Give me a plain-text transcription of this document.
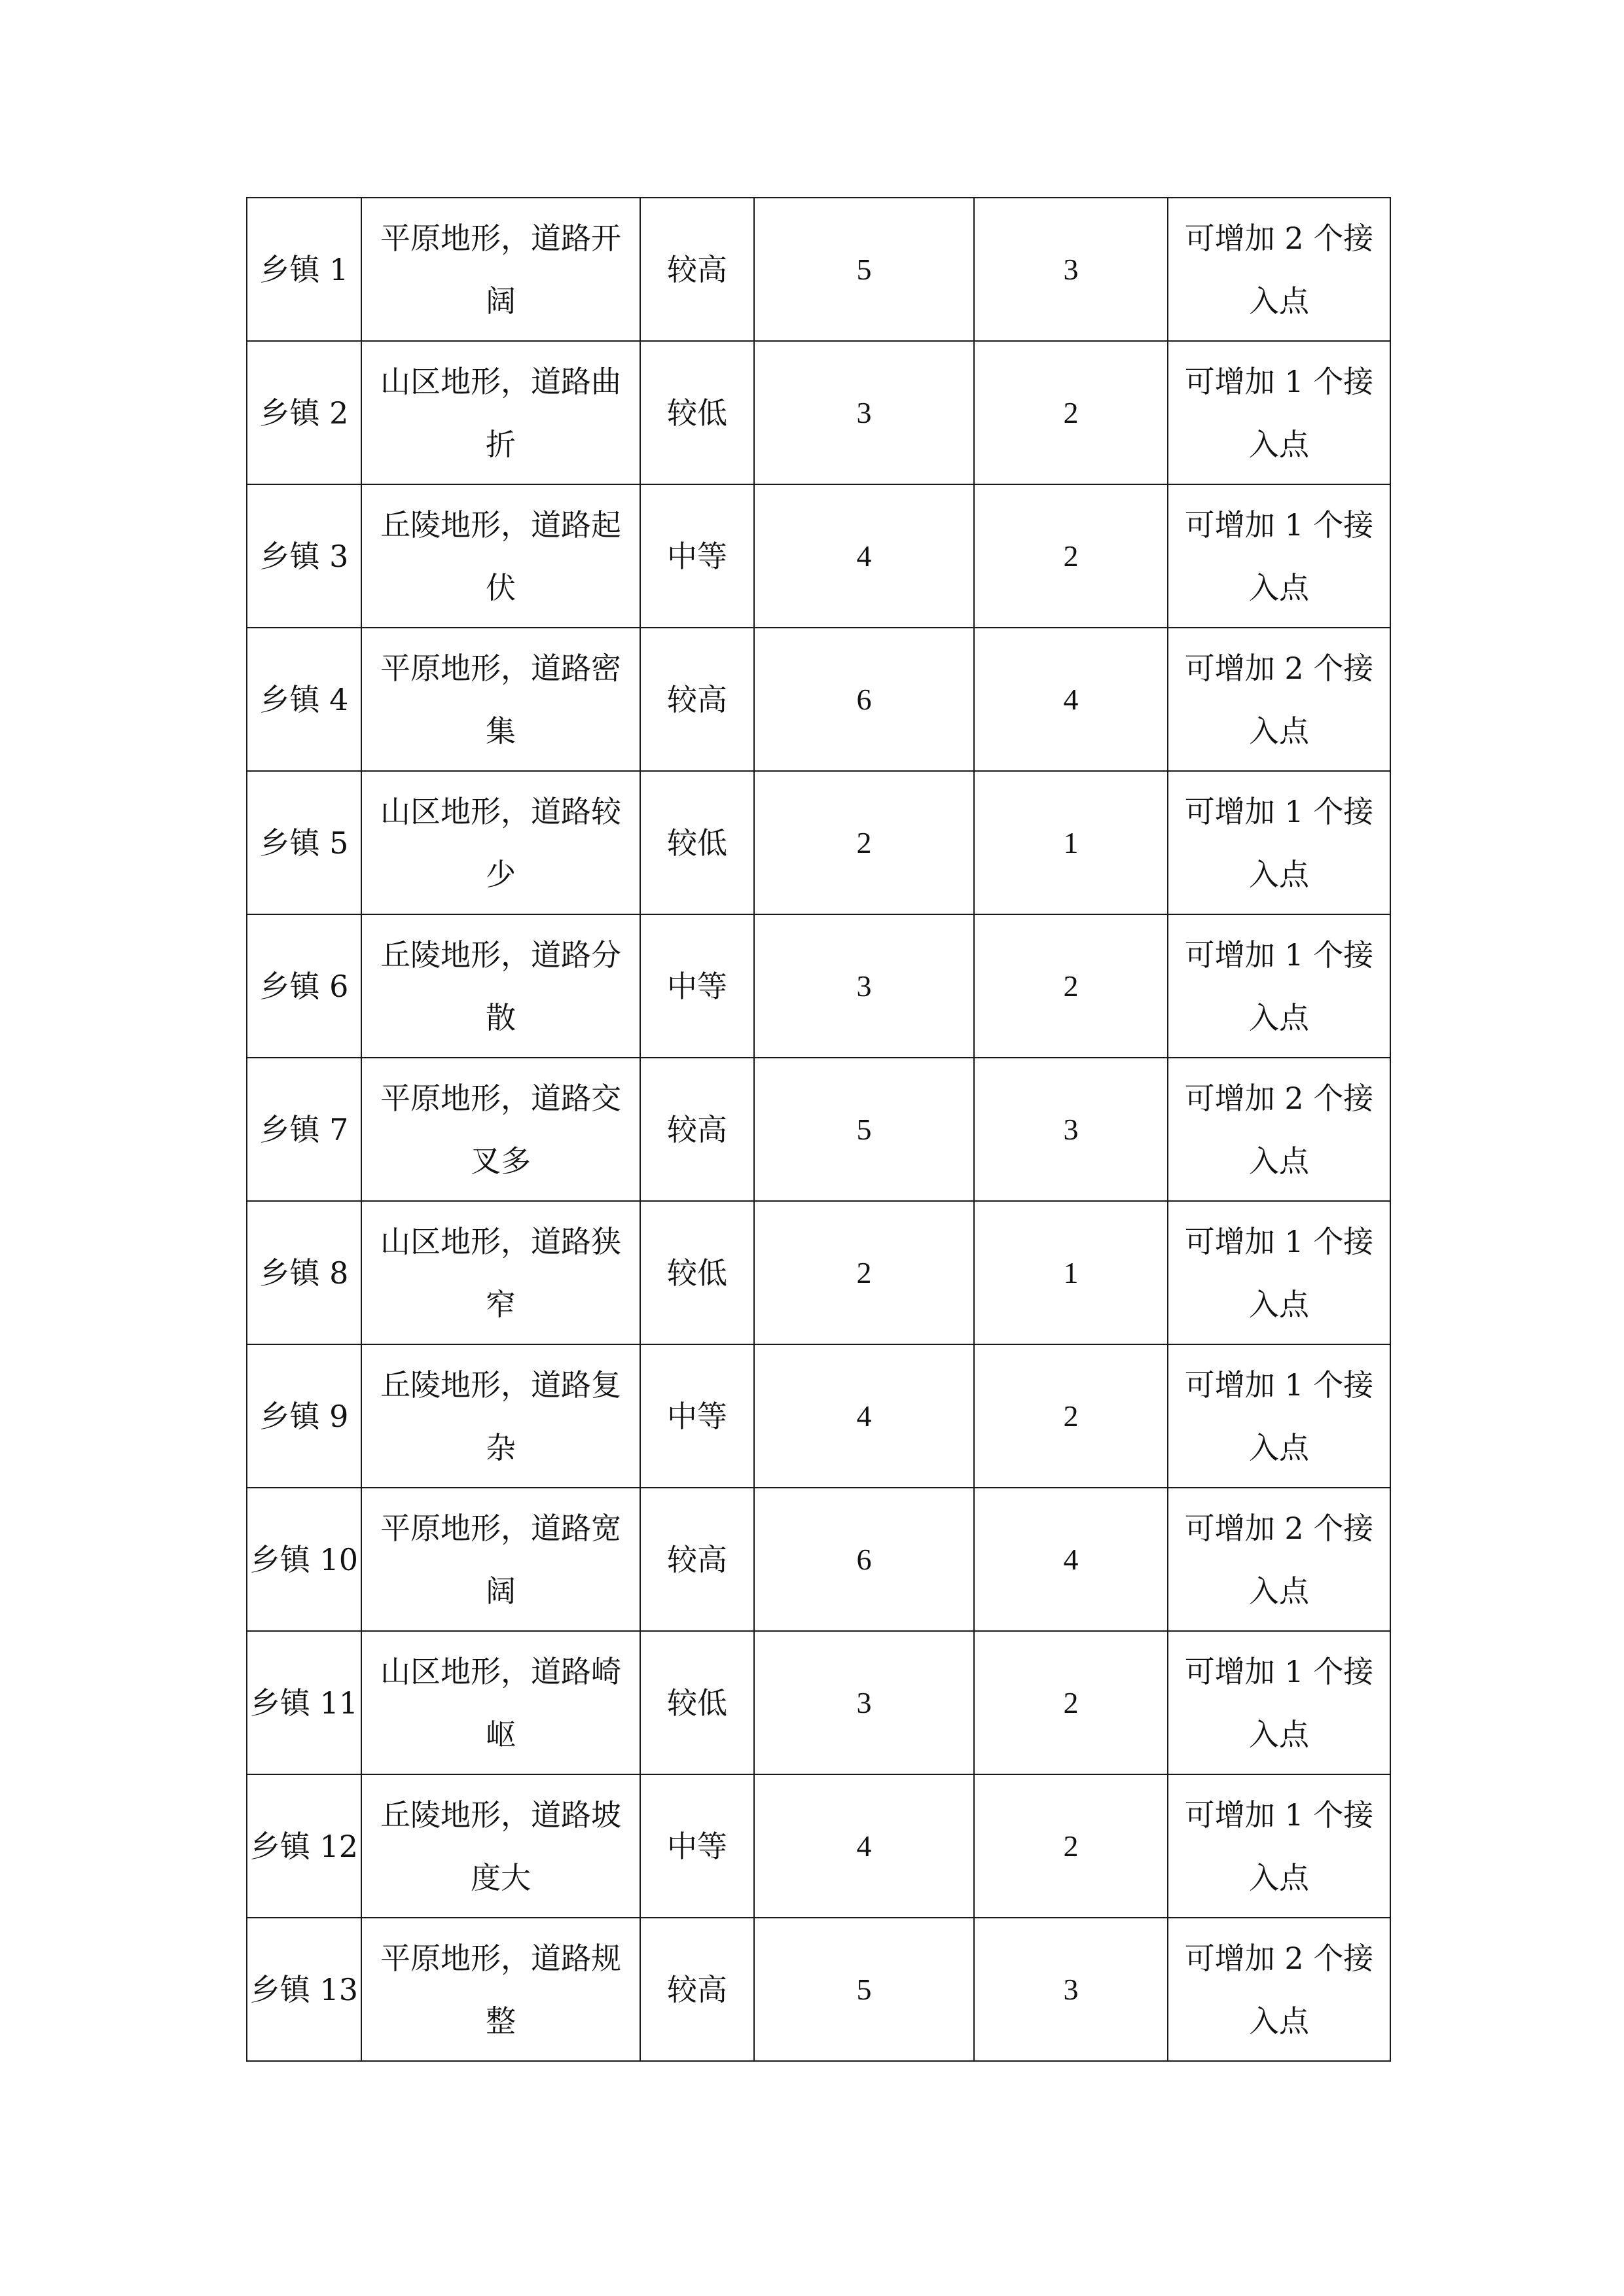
乡镇 1	平原地形，道路开阔	较高	5	3	可增加 2 个接入点
乡镇 2	山区地形，道路曲折	较低	3	2	可增加 1 个接入点
乡镇 3	丘陵地形，道路起伏	中等	4	2	可增加 1 个接入点
乡镇 4	平原地形，道路密集	较高	6	4	可增加 2 个接入点
乡镇 5	山区地形，道路较少	较低	2	1	可增加 1 个接入点
乡镇 6	丘陵地形，道路分散	中等	3	2	可增加 1 个接入点
乡镇 7	平原地形，道路交叉多	较高	5	3	可增加 2 个接入点
乡镇 8	山区地形，道路狭窄	较低	2	1	可增加 1 个接入点
乡镇 9	丘陵地形，道路复杂	中等	4	2	可增加 1 个接入点
乡镇 10	平原地形，道路宽阔	较高	6	4	可增加 2 个接入点
乡镇 11	山区地形，道路崎岖	较低	3	2	可增加 1 个接入点
乡镇 12	丘陵地形，道路坡度大	中等	4	2	可增加 1 个接入点
乡镇 13	平原地形，道路规整	较高	5	3	可增加 2 个接入点
